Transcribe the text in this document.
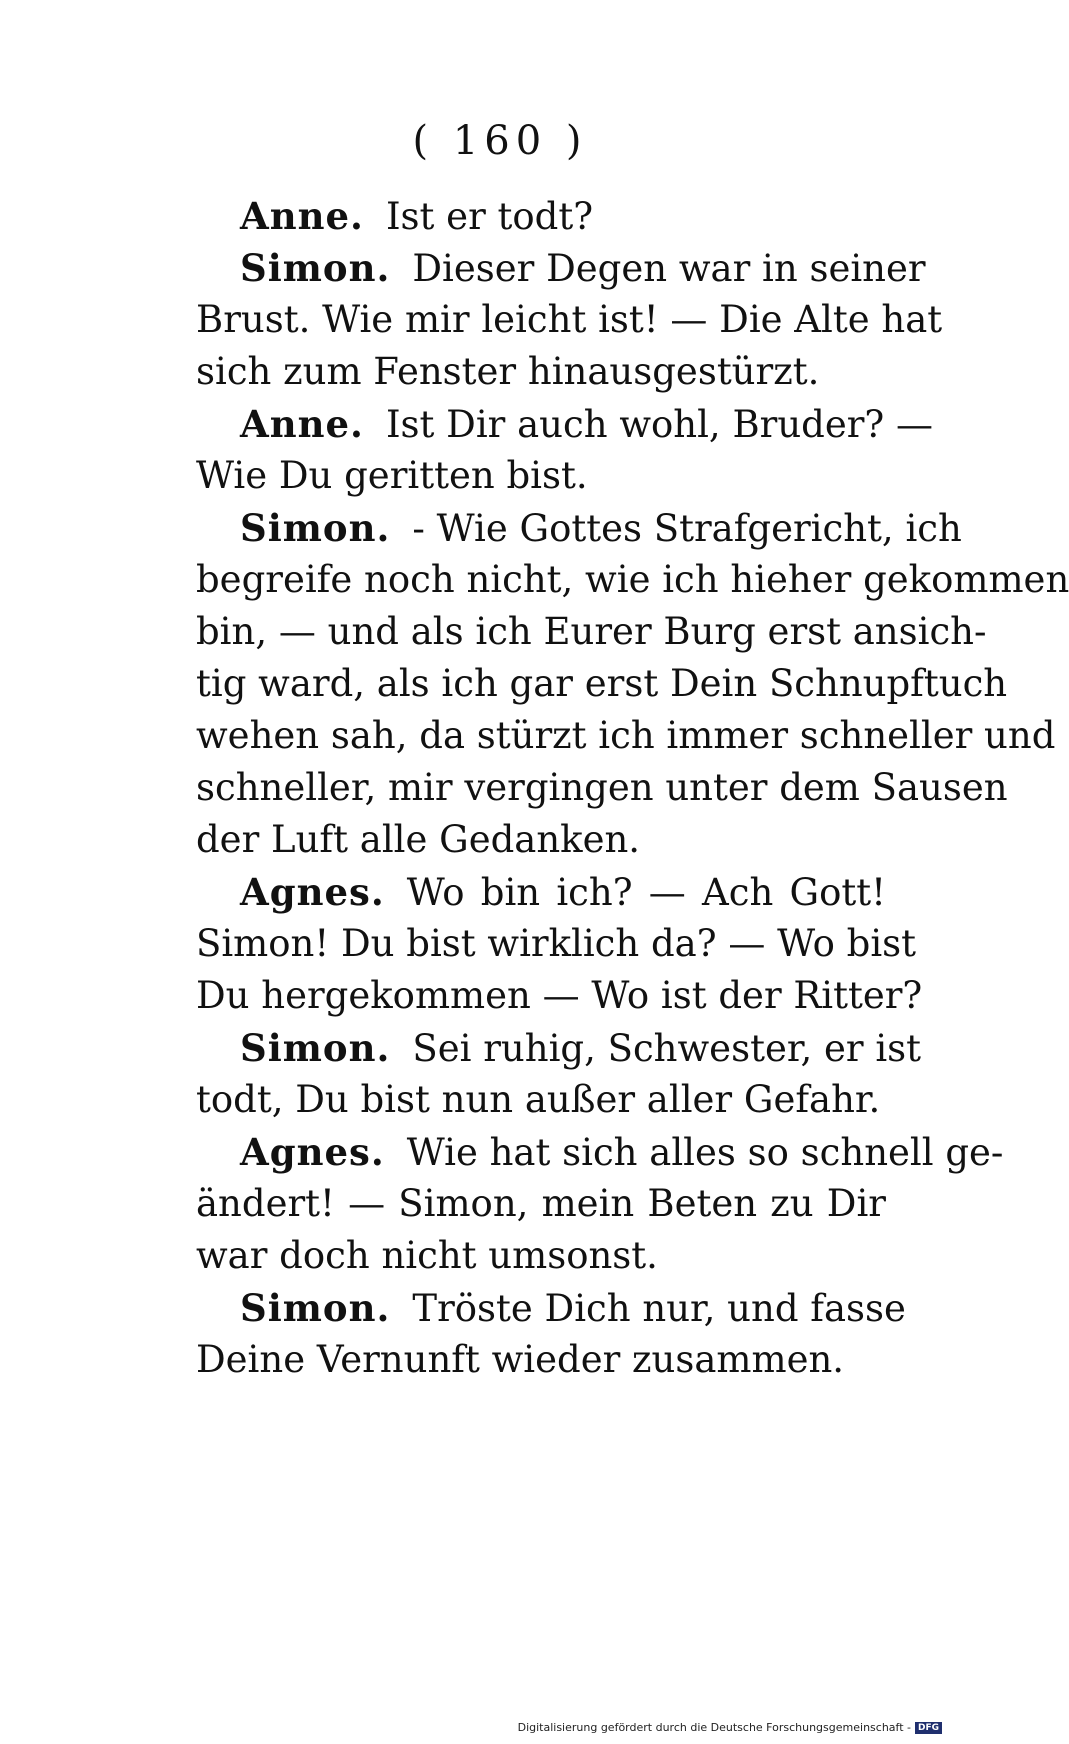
( 160 )
Anne. Ist er todt?
Simon. Dieser Degen war in seiner
Brust. Wie mir leicht ist! — Die Alte hat
sich zum Fenster hinausgestürzt.
Anne. Ist Dir auch wohl, Bruder? —
Wie Du geritten bist.
Simon. - Wie Gottes Strafgericht, ich
begreife noch nicht, wie ich hieher gekommen
bin, — und als ich Eurer Burg erst ansich-
tig ward, als ich gar erst Dein Schnupftuch
wehen sah, da stürzt ich immer schneller und
schneller, mir vergingen unter dem Sausen
der Luft alle Gedanken.
Agnes. Wo bin ich? — Ach Gott!
Simon! Du bist wirklich da? — Wo bist
Du hergekommen — Wo ist der Ritter?
Simon. Sei ruhig, Schwester, er ist
todt, Du bist nun außer aller Gefahr.
Agnes. Wie hat sich alles so schnell ge-
ändert! — Simon, mein Beten zu Dir
war doch nicht umsonst.
Simon. Tröste Dich nur, und fasse
Deine Vernunft wieder zusammen.
Digitalisierung gefördert durch die Deutsche Forschungsgemeinschaft - DFG
